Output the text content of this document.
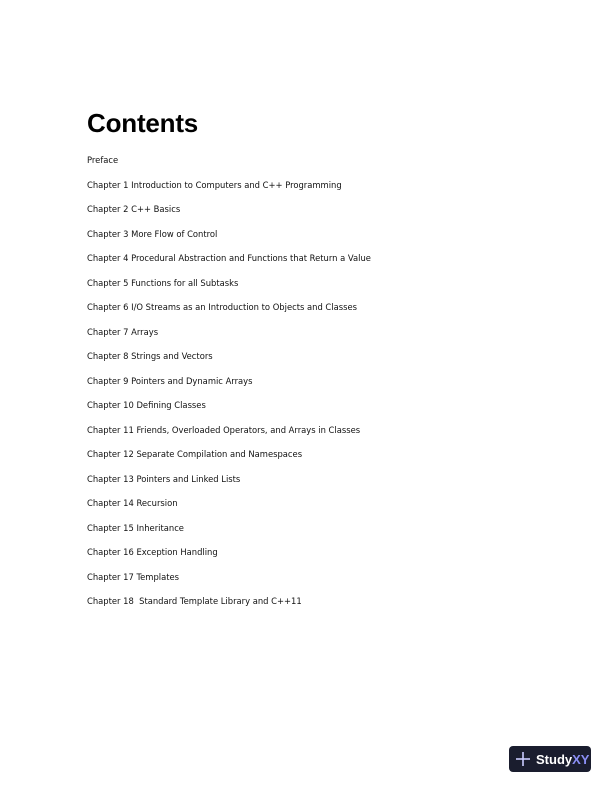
Contents
Preface
Chapter 1 Introduction to Computers and C++ Programming
Chapter 2 C++ Basics
Chapter 3 More Flow of Control
Chapter 4 Procedural Abstraction and Functions that Return a Value
Chapter 5 Functions for all Subtasks
Chapter 6 I/O Streams as an Introduction to Objects and Classes
Chapter 7 Arrays
Chapter 8 Strings and Vectors
Chapter 9 Pointers and Dynamic Arrays
Chapter 10 Defining Classes
Chapter 11 Friends, Overloaded Operators, and Arrays in Classes
Chapter 12 Separate Compilation and Namespaces
Chapter 13 Pointers and Linked Lists
Chapter 14 Recursion
Chapter 15 Inheritance
Chapter 16 Exception Handling
Chapter 17 Templates
Chapter 18  Standard Template Library and C++11
Study XY
